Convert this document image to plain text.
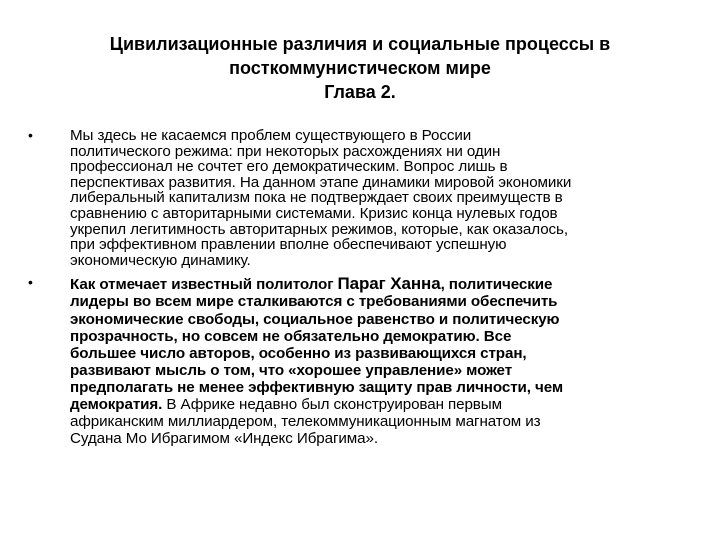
Цивилизационные различия и социальные процессы в
посткоммунистическом мире
Глава 2.
•	Мы здесь не касаемся проблем существующего в России
политического режима: при некоторых расхождениях ни один
профессионал не сочтет его демократическим. Вопрос лишь в
перспективах развития. На данном этапе динамики мировой экономики
либеральный капитализм пока не подтверждает своих преимуществ в
сравнению с авторитарными системами. Кризис конца нулевых годов
укрепил легитимность авторитарных режимов, которые, как оказалось,
при эффективном правлении вполне обеспечивают успешную
экономическую динамику.
•	Как отмечает известный политолог Параг Ханна, политические
лидеры во всем мире сталкиваются с требованиями обеспечить
экономические свободы, социальное равенство и политическую
прозрачность, но совсем не обязательно демократию. Все
большее число авторов, особенно из развивающихся стран,
развивают мысль о том, что «хорошее управление» может
предполагать не менее эффективную защиту прав личности, чем
демократия. В Африке недавно был сконструирован первым
африканским миллиардером, телекоммуникационным магнатом из
Судана Мо Ибрагимом «Индекс Ибрагима».
